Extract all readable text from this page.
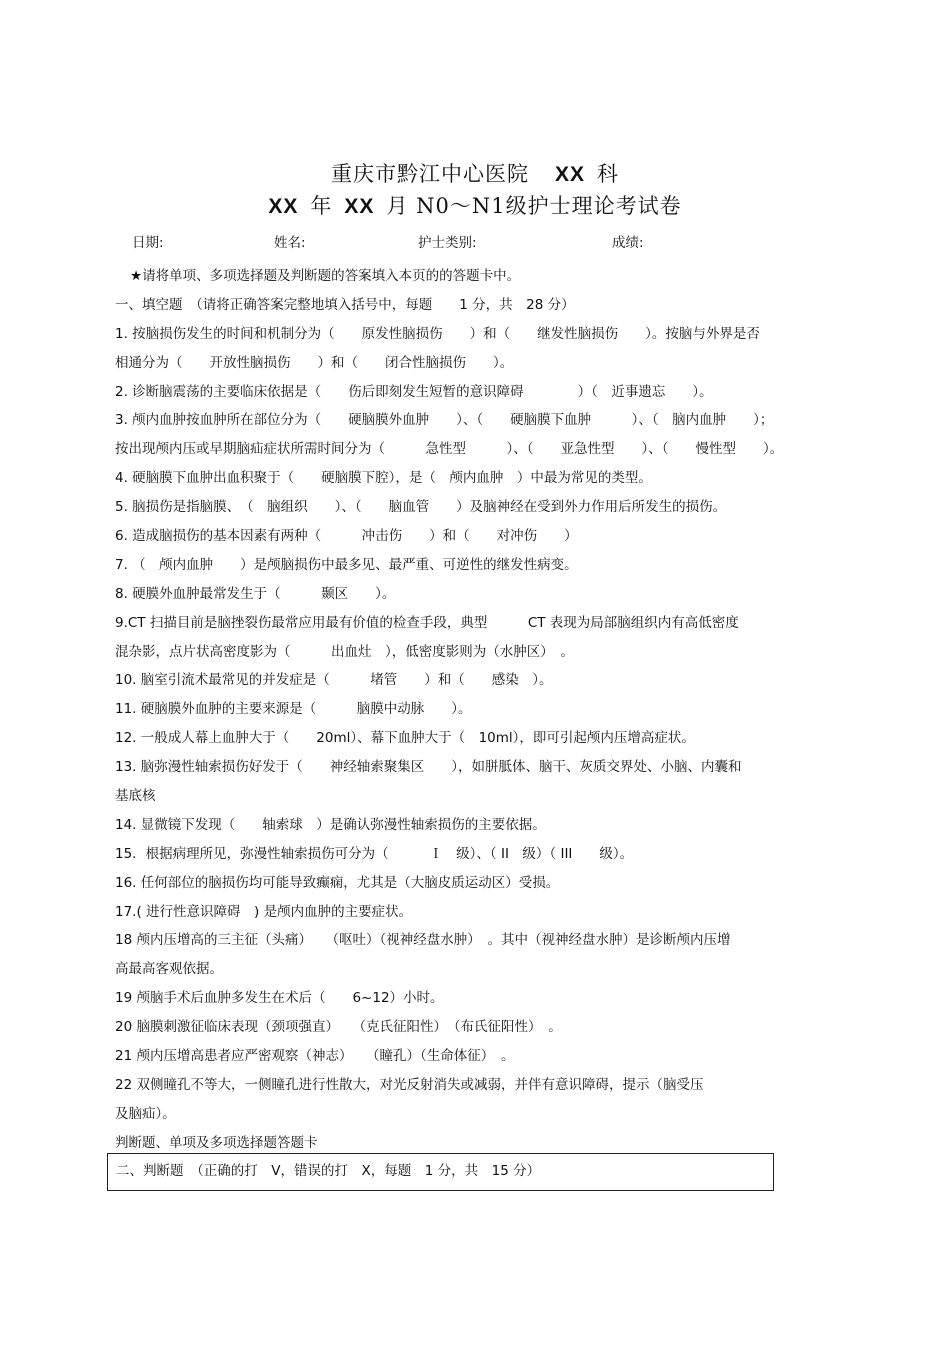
重庆市黔江中心医院 XX 科
XX 年 XX 月 N0～N1级护士理论考试卷
日期:	姓名:	护士类别:	成绩:
★请将单项、多项选择题及判断题的答案填入本页的的答题卡中。
一、填空题　（请将正确答案完整地填入括号中，每题　　1 分，共　28 分）
1. 按脑损伤发生的时间和机制分为（　　原发性脑损伤　　）和（　　继发性脑损伤　　）。按脑与外界是否
相通分为（　　开放性脑损伤　　）和（　　闭合性脑损伤　　）。
2. 诊断脑震荡的主要临床依据是（　　伤后即刻发生短暂的意识障碍　　　　）（　近事遗忘　　）。
3. 颅内血肿按血肿所在部位分为（　　硬脑膜外血肿　　）、（　　硬脑膜下血肿　　　）、（　脑内血肿　　）；
按出现颅内压或早期脑疝症状所需时间分为（　　　急性型　　　）、（　　亚急性型　　）、（　　慢性型　　）。
4. 硬脑膜下血肿出血积聚于（　　硬脑膜下腔），是（　颅内血肿　）中最为常见的类型。
5. 脑损伤是指脑膜、　（　脑组织　　）、（　　脑血管　　）及脑神经在受到外力作用后所发生的损伤。
6. 造成脑损伤的基本因素有两种（　　　冲击伤　　）和（　　对冲伤　　）
7. （　颅内血肿　　）是颅脑损伤中最多见、最严重、可逆性的继发性病变。
8. 硬膜外血肿最常发生于（　　　颞区　　）。
9.CT 扫描目前是脑挫裂伤最常应用最有价值的检查手段，典型　　　CT 表现为局部脑组织内有高低密度
混杂影，点片状高密度影为（　　　出血灶　），低密度影则为（水肿区）　。
10. 脑室引流术最常见的并发症是（　　　堵管　　）和（　　感染　）。
11. 硬脑膜外血肿的主要来源是（　　　脑膜中动脉　　）。
12. 一般成人幕上血肿大于（　　20ml）、幕下血肿大于（　10ml），即可引起颅内压增高症状。
13. 脑弥漫性轴索损伤好发于（　　神经轴索聚集区　　），如胼胝体、脑干、灰质交界处、小脑、内囊和
基底核
14. 显微镜下发现（　　轴索球　）是确认弥漫性轴索损伤的主要依据。
15．根据病理所见，弥漫性轴索损伤可分为（　　　Ｉ　级）、（ II　级）（ III　　级）。
16. 任何部位的脑损伤均可能导致癫痫，尤其是（大脑皮质运动区）受损。
17.( 进行性意识障碍　) 是颅内血肿的主要症状。
18 颅内压增高的三主征（头痛）　　（呕吐）（视神经盘水肿）　。其中（视神经盘水肿）是诊断颅内压增
高最高客观依据。
19 颅脑手术后血肿多发生在术后（　　6~12）小时。
20 脑膜刺激征临床表现（颈项强直）　　（克氏征阳性）　（布氏征阳性）　。
21 颅内压增高患者应严密观察（神志）　　（瞳孔）（生命体征）　。
22 双侧瞳孔不等大，一侧瞳孔进行性散大，对光反射消失或减弱，并伴有意识障碍，提示（脑受压
及脑疝）。
判断题、单项及多项选择题答题卡
二、判断题　（正确的打　V，错误的打　X，每题　1 分，共　15 分）
